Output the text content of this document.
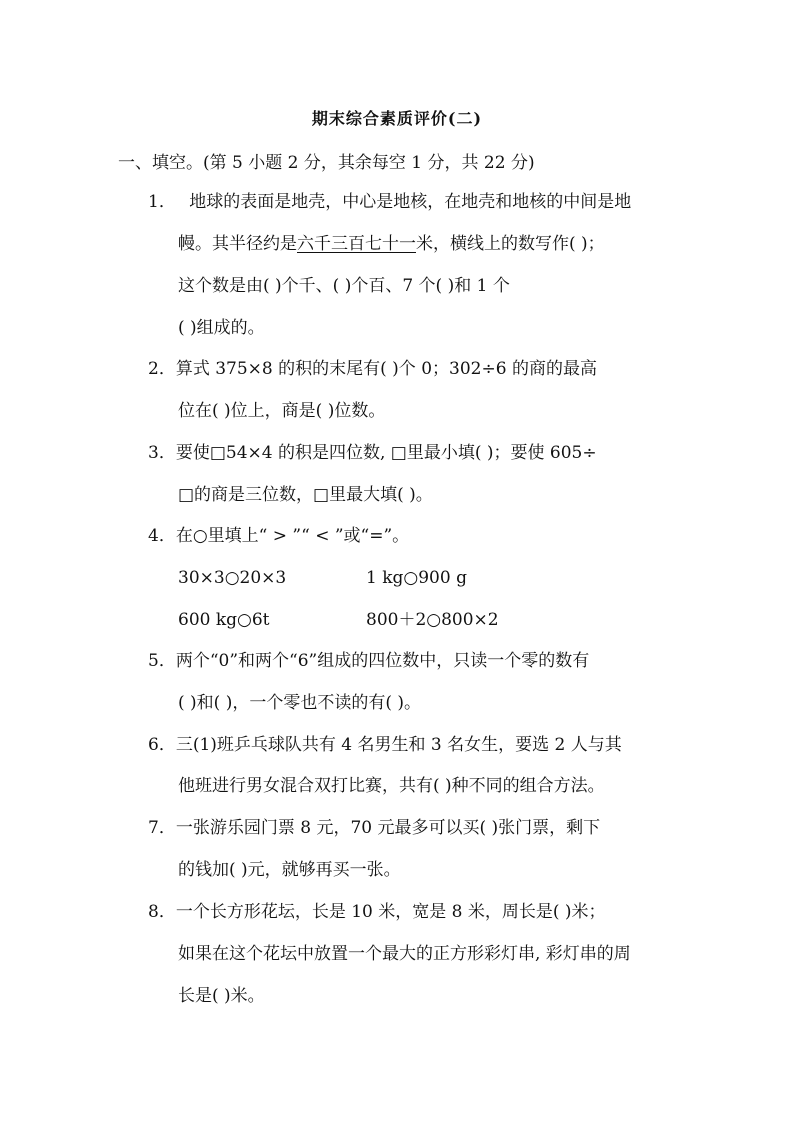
期末综合素质评价(二)
一、填空。(第 5 小题 2 分，其余每空 1 分，共 22 分)
1． 地球的表面是地壳，中心是地核，在地壳和地核的中间是地
幔。其半径约是六千三百七十一米，横线上的数写作( )；
这个数是由( )个千、( )个百、7 个( )和 1 个
( )组成的。
2．算式 375×8 的积的末尾有( )个 0；302÷6 的商的最高
位在( )位上，商是( )位数。
3．要使□54×4 的积是四位数, □里最小填( )；要使 605÷
□的商是三位数，□里最大填( )。
4．在○里填上“ > ”“ < ”或“=”。
30×3○20×3	1 kg○900 g
600 kg○6t	800＋2○800×2
5．两个“0”和两个“6”组成的四位数中，只读一个零的数有
( )和( )，一个零也不读的有( )。
6．三(1)班乒乓球队共有 4 名男生和 3 名女生，要选 2 人与其
他班进行男女混合双打比赛，共有( )种不同的组合方法。
7．一张游乐园门票 8 元，70 元最多可以买( )张门票，剩下
的钱加( )元，就够再买一张。
8．一个长方形花坛，长是 10 米，宽是 8 米，周长是( )米；
如果在这个花坛中放置一个最大的正方形彩灯串, 彩灯串的周
长是( )米。
